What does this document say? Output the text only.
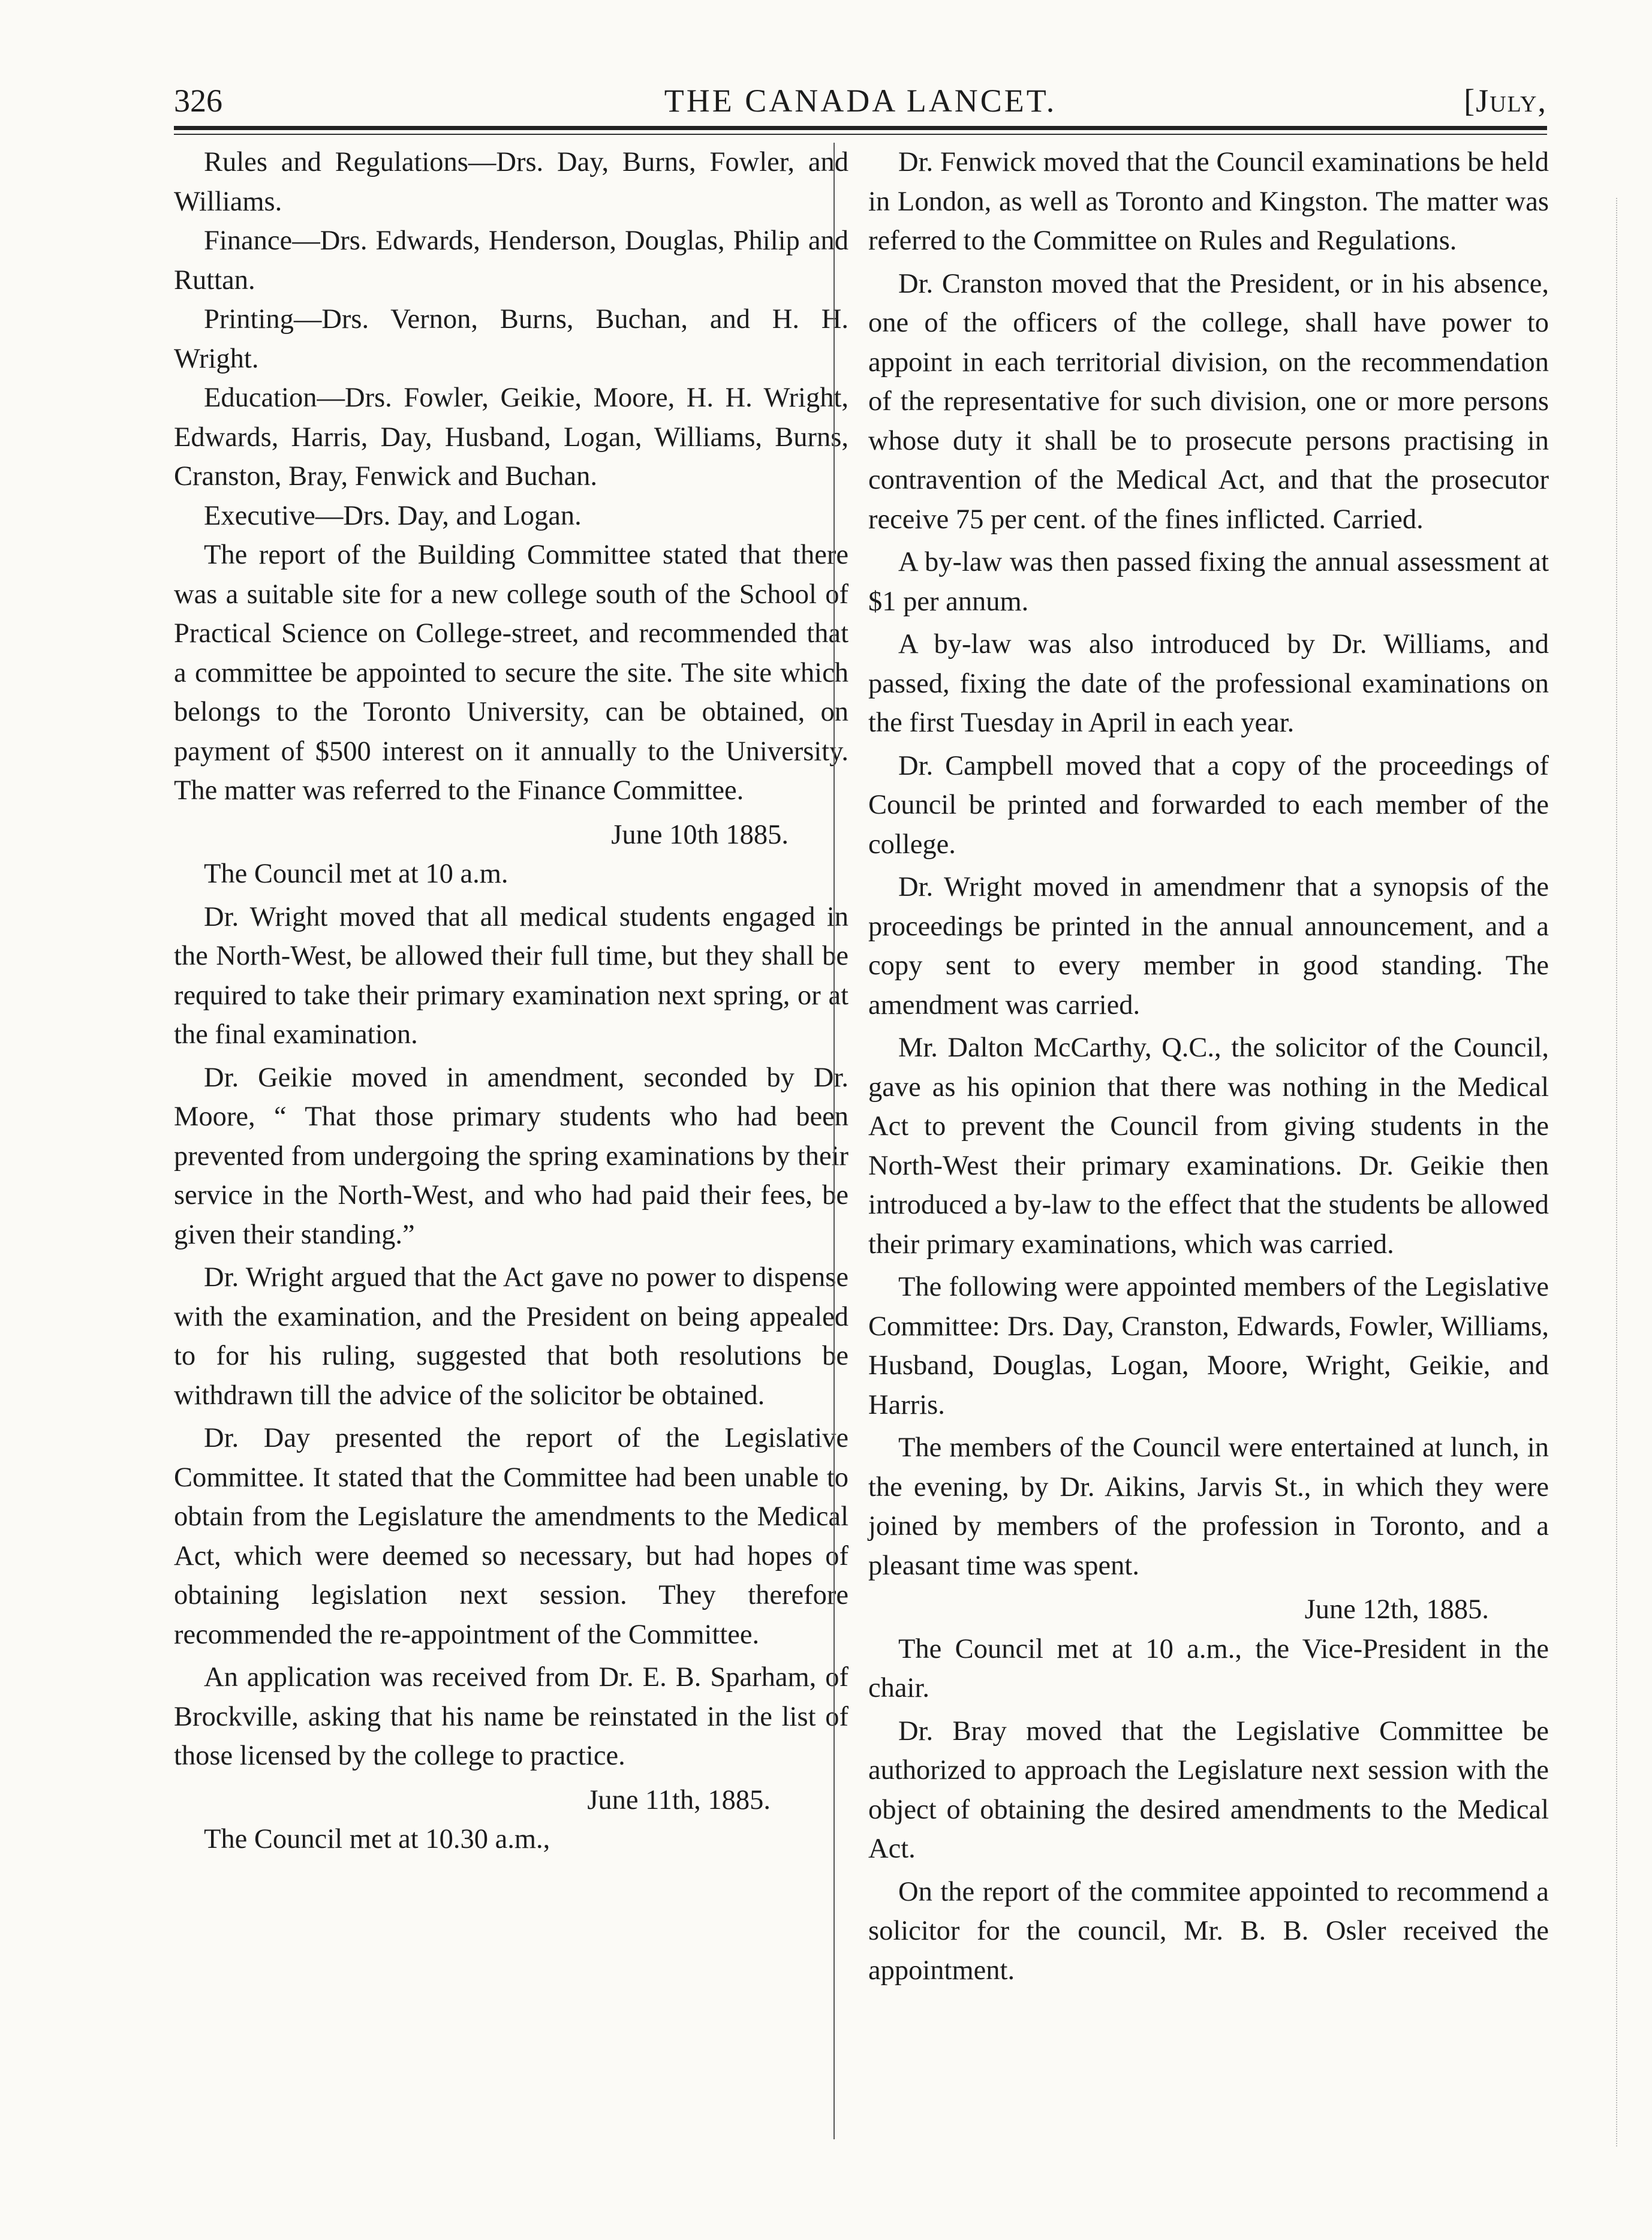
326	THE CANADA LANCET.	[July,

Rules and Regulations—Drs. Day, Burns, Fowler, and Williams.

Finance—Drs. Edwards, Henderson, Douglas, Philip and Ruttan.

Printing—Drs. Vernon, Burns, Buchan, and H. H. Wright.

Education—Drs. Fowler, Geikie, Moore, H. H. Wright, Edwards, Harris, Day, Husband, Logan, Williams, Burns, Cranston, Bray, Fenwick and Buchan.

Executive—Drs. Day, and Logan.

The report of the Building Committee stated that there was a suitable site for a new college south of the School of Practical Science on College-street, and recommended that a committee be appointed to secure the site. The site which belongs to the Toronto University, can be obtained, on payment of $500 interest on it annually to the University. The matter was referred to the Finance Committee.

June 10th 1885.

The Council met at 10 a.m.

Dr. Wright moved that all medical students engaged in the North-West, be allowed their full time, but they shall be required to take their primary examination next spring, or at the final examination.

Dr. Geikie moved in amendment, seconded by Dr. Moore, “ That those primary students who had been prevented from undergoing the spring examinations by their service in the North-West, and who had paid their fees, be given their standing.”

Dr. Wright argued that the Act gave no power to dispense with the examination, and the President on being appealed to for his ruling, suggested that both resolutions be withdrawn till the advice of the solicitor be obtained.

Dr. Day presented the report of the Legislative Committee. It stated that the Committee had been unable to obtain from the Legislature the amendments to the Medical Act, which were deemed so necessary, but had hopes of obtaining legislation next session. They therefore recommended the re-appointment of the Committee.

An application was received from Dr. E. B. Sparham, of Brockville, asking that his name be reinstated in the list of those licensed by the college to practice.

June 11th, 1885.

The Council met at 10.30 a.m.,

Dr. Fenwick moved that the Council examinations be held in London, as well as Toronto and Kingston. The matter was referred to the Committee on Rules and Regulations.

Dr. Cranston moved that the President, or in his absence, one of the officers of the college, shall have power to appoint in each territorial division, on the recommendation of the representative for such division, one or more persons whose duty it shall be to prosecute persons practising in contravention of the Medical Act, and that the prosecutor receive 75 per cent. of the fines inflicted. Carried.

A by-law was then passed fixing the annual assessment at $1 per annum.

A by-law was also introduced by Dr. Williams, and passed, fixing the date of the professional examinations on the first Tuesday in April in each year.

Dr. Campbell moved that a copy of the proceedings of Council be printed and forwarded to each member of the college.

Dr. Wright moved in amendmenr that a synopsis of the proceedings be printed in the annual announcement, and a copy sent to every member in good standing. The amendment was carried.

Mr. Dalton McCarthy, Q.C., the solicitor of the Council, gave as his opinion that there was nothing in the Medical Act to prevent the Council from giving students in the North-West their primary examinations. Dr. Geikie then introduced a by-law to the effect that the students be allowed their primary examinations, which was carried.

The following were appointed members of the Legislative Committee: Drs. Day, Cranston, Edwards, Fowler, Williams, Husband, Douglas, Logan, Moore, Wright, Geikie, and Harris.

The members of the Council were entertained at lunch, in the evening, by Dr. Aikins, Jarvis St., in which they were joined by members of the profession in Toronto, and a pleasant time was spent.

June 12th, 1885.

The Council met at 10 a.m., the Vice-President in the chair.

Dr. Bray moved that the Legislative Committee be authorized to approach the Legislature next session with the object of obtaining the desired amendments to the Medical Act.

On the report of the commitee appointed to recommend a solicitor for the council, Mr. B. B. Osler received the appointment.
